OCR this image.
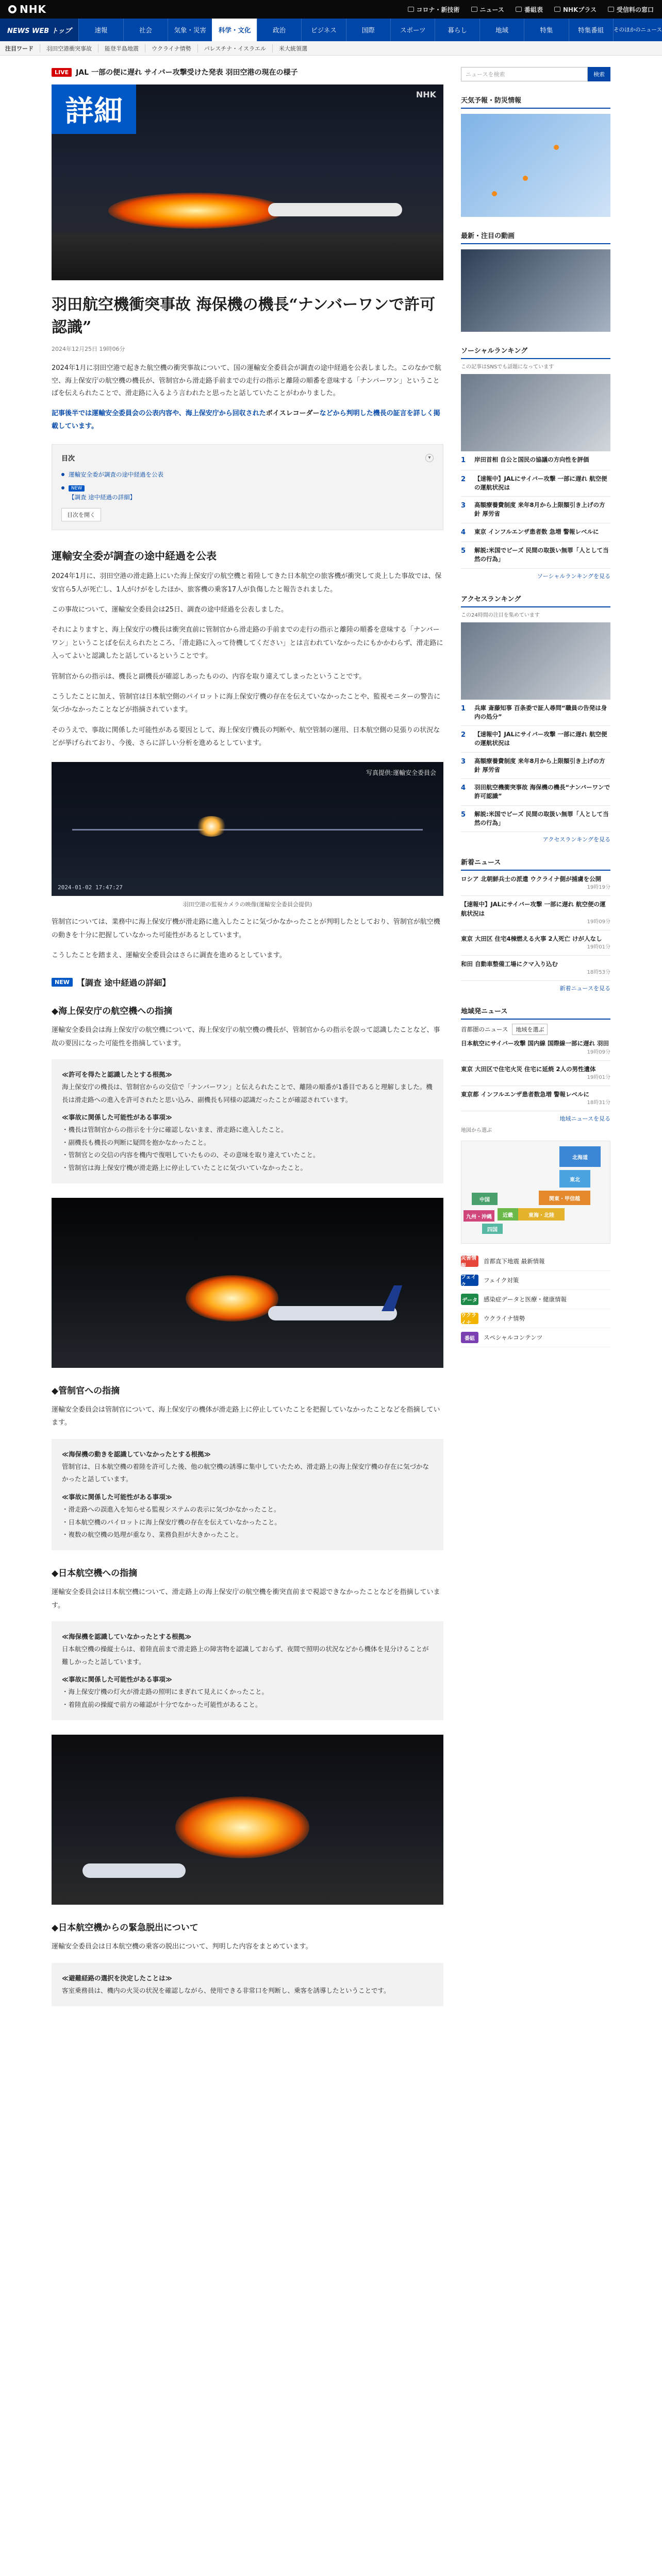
NHK	コロナ・新技術	ニュース	番組表	NHKプラス	受信料の窓口
NEWS WEB トップ	速報	社会	気象・災害	科学・文化	政治	ビジネス	国際	スポーツ	暮らし	地域	特集	特集番組	そのほかのニュース
注目ワード	羽田空港衝突事故	能登半島地震	ウクライナ情勢	パレスチナ・イスラエル	米大統領選
LIVE	JAL 一部の便に遅れ サイバー攻撃受けた発表 羽田空港の現在の様子
詳細	NHK
羽田航空機衝突事故 海保機の機長“ナンバーワンで許可認識”
2024年12月25日 19時06分

2024年1月に羽田空港で起きた航空機の衝突事故について、国の運輸安全委員会が調査の途中経過を公表しました。このなかで航空、海上保安庁の航空機の機長が、管制官から滑走路手前までの走行の指示と離陸の順番を意味する「ナンバーワン」ということばを伝えられたことで、滑走路に入るよう言われたと思ったと話していたことがわかりました。

記事後半では運輸安全委員会の公表内容や、海上保安庁から回収されたボイスレコーダーなどから判明した機長の証言を詳しく掲載しています。

目次	▾
運輸安全委が調査の途中経過を公表
NEW
【調査 途中経過の詳細】
目次を開く
運輸安全委が調査の途中経過を公表

2024年1月に、羽田空港の滑走路上にいた海上保安庁の航空機と着陸してきた日本航空の旅客機が衝突して炎上した事故では、保安官ら5人が死亡し、1人がけがをしたほか、旅客機の乗客17人が負傷したと報告されました。

この事故について、運輸安全委員会は25日、調査の途中経過を公表しました。

それによりますと、海上保安庁の機長は衝突直前に管制官から滑走路の手前までの走行の指示と離陸の順番を意味する「ナンバーワン」ということばを伝えられたところ、「滑走路に入って待機してください」とは言われていなかったにもかかわらず、滑走路に入ってよいと認識したと話しているということです。

管制官からの指示は、機長と副機長が確認しあったものの、内容を取り違えてしまったということです。

こうしたことに加え、管制官は日本航空側のパイロットに海上保安庁機の存在を伝えていなかったことや、監視モニターの警告に気づかなかったことなどが指摘されています。

そのうえで、事故に関係した可能性がある要因として、海上保安庁機長の判断や、航空管制の運用、日本航空側の見張りの状況などが挙げられており、今後、さらに詳しい分析を進めるとしています。

写真提供:運輸安全委員会
2024-01-02 17:47:27
羽田空港の監視カメラの映像(運輸安全委員会提供)

管制官については、業務中に海上保安庁機が滑走路に進入したことに気づかなかったことが判明したとしており、管制官が航空機の動きを十分に把握していなかった可能性があるとしています。

こうしたことを踏まえ、運輸安全委員会はさらに調査を進めるとしています。

NEW 【調査 途中経過の詳細】
◆海上保安庁の航空機への指摘

運輸安全委員会は海上保安庁の航空機について、海上保安庁の航空機の機長が、管制官からの指示を誤って認識したことなど、事故の要因になった可能性を指摘しています。

≪許可を得たと認識したとする根拠≫
海上保安庁の機長は、管制官からの交信で「ナンバーワン」と伝えられたことで、離陸の順番が1番目であると理解しました。機長は滑走路への進入を許可されたと思い込み、副機長も同様の認識だったことが確認されています。
≪事故に関係した可能性がある事項≫
・機長は管制官からの指示を十分に確認しないまま、滑走路に進入したこと。
・副機長も機長の判断に疑問を抱かなかったこと。
・管制官との交信の内容を機内で復唱していたものの、その意味を取り違えていたこと。
・管制官は海上保安庁機が滑走路上に停止していたことに気づいていなかったこと。
◆管制官への指摘

運輸安全委員会は管制官について、海上保安庁の機体が滑走路上に停止していたことを把握していなかったことなどを指摘しています。

≪海保機の動きを認識していなかったとする根拠≫
管制官は、日本航空機の着陸を許可した後、他の航空機の誘導に集中していたため、滑走路上の海上保安庁機の存在に気づかなかったと話しています。
≪事故に関係した可能性がある事項≫
・滑走路への誤進入を知らせる監視システムの表示に気づかなかったこと。
・日本航空機のパイロットに海上保安庁機の存在を伝えていなかったこと。
・複数の航空機の処理が重なり、業務負担が大きかったこと。
◆日本航空機への指摘

運輸安全委員会は日本航空機について、滑走路上の海上保安庁の航空機を衝突直前まで視認できなかったことなどを指摘しています。

≪海保機を認識していなかったとする根拠≫
日本航空機の操縦士らは、着陸直前まで滑走路上の障害物を認識しておらず、夜間で照明の状況などから機体を見分けることが難しかったと話しています。
≪事故に関係した可能性がある事項≫
・海上保安庁機の灯火が滑走路の照明にまぎれて見えにくかったこと。
・着陸直前の操縦で前方の確認が十分でなかった可能性があること。
◆日本航空機からの緊急脱出について

運輸安全委員会は日本航空機の乗客の脱出について、判明した内容をまとめています。

≪避難経路の選択を決定したことは≫
客室乗務員は、機内の火災の状況を確認しながら、使用できる非常口を判断し、乗客を誘導したということです。
ニュースを検索	検索
天気予報・防災情報
最新・注目の動画
ソーシャルランキング
この記事はSNSでも話題になっています
1	岸田首相 自公と国民の協議の方向性を評価
2	【速報中】JALにサイバー攻撃 一部に遅れ 航空便の運航状況は
3	高額療養費制度 来年8月から上限額引き上げの方針 厚労省
4	東京 インフルエンザ患者数 急増 警報レベルに
5	解説:米国でビーズ 民間の取扱い無罪「人として当然の行為」
ソーシャルランキングを見る
アクセスランキング
この24時間の注目を集めています
1	兵庫 斎藤知事 百条委で証人尋問“職員の告発は身内の処分”
2	【速報中】JALにサイバー攻撃 一部に遅れ 航空便の運航状況は
3	高額療養費制度 来年8月から上限額引き上げの方針 厚労省
4	羽田航空機衝突事故 海保機の機長“ナンバーワンで許可認識”
5	解説:米国でビーズ 民間の取扱い無罪「人として当然の行為」
アクセスランキングを見る
新着ニュース
ロシア 北朝鮮兵士の派遣 ウクライナ側が捕虜を公開
19時19分
【速報中】JALにサイバー攻撃 一部に遅れ 航空便の運航状況は
19時09分
東京 大田区 住宅4棟燃える火事 2人死亡 けが人なし
19時01分
和田 自動車整備工場にクマ入り込む
18時53分
新着ニュースを見る
地域発ニュース
首都圏のニュース	地域を選ぶ
日本航空にサイバー攻撃 国内線 国際線一部に遅れ 羽田
19時09分
東京 大田区で住宅火災 住宅に延焼 2人の男性遺体
19時01分
東京都 インフルエンザ患者数急増 警報レベルに
18時31分
地域ニュースを見る
地図から選ぶ
北海道
東北
関東・甲信越
東海・北陸
近畿
中国
四国
九州・沖縄
災害情報
首都直下地震 最新情報
フェイク
フェイク対策
データ 感染症データと医療・健康情報
ウクライナ
ウクライナ情勢
番組	スペシャルコンテンツ
